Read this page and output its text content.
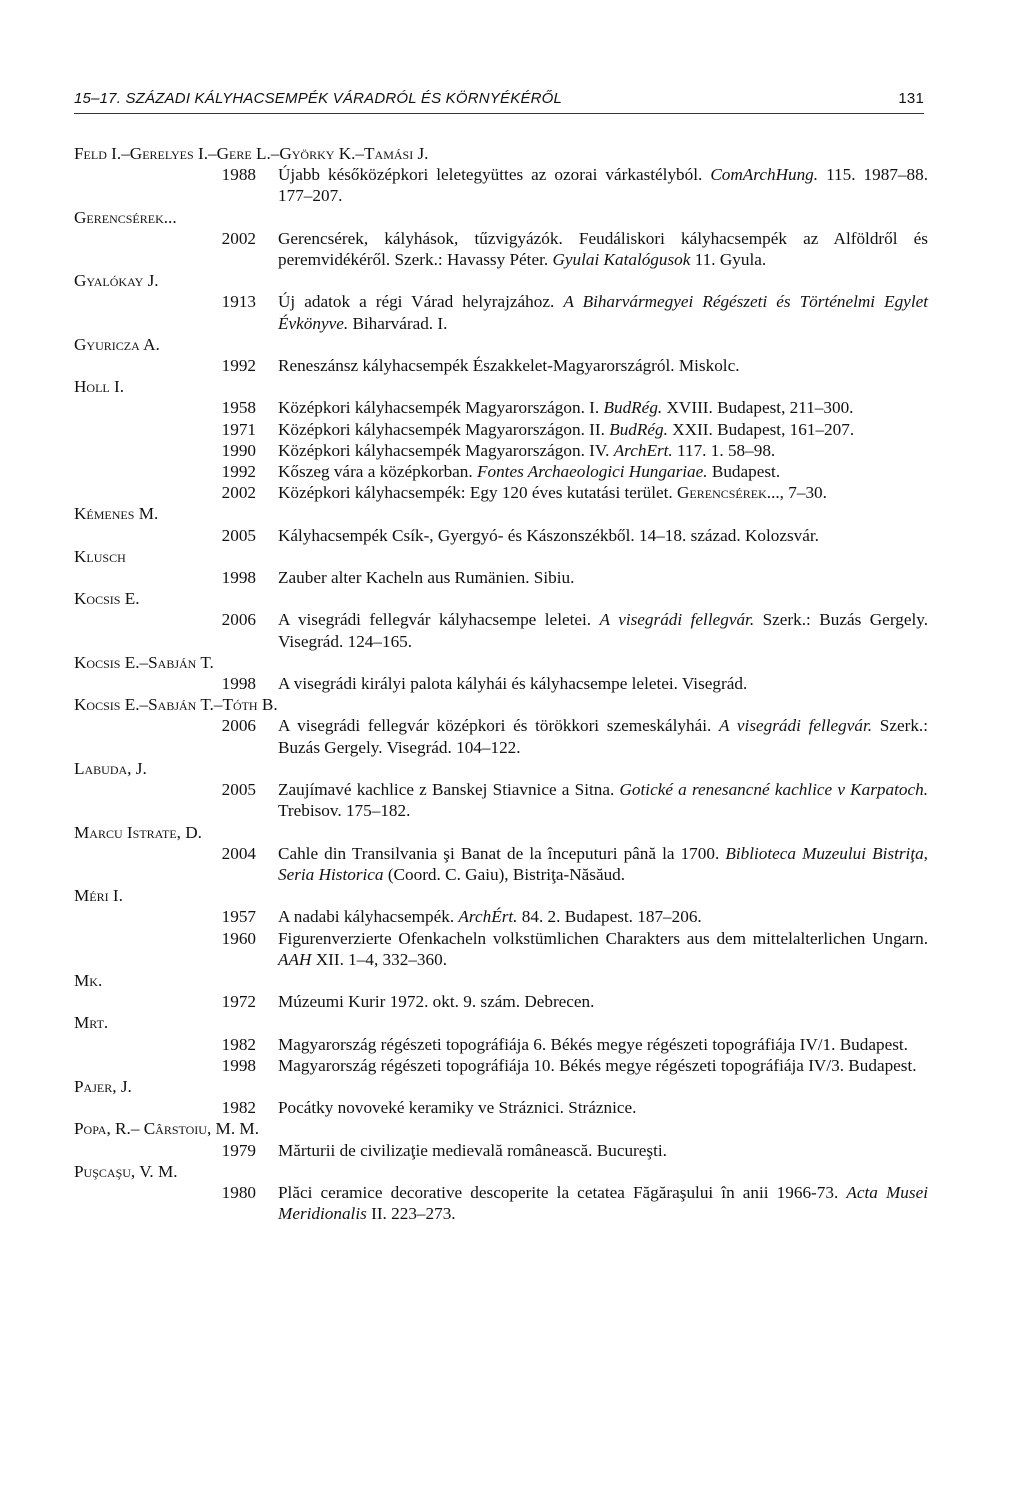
15–17. SZÁZADI KÁLYHACSEMPÉK VÁRADRÓL ÉS KÖRNYÉKÉRŐL	131
Feld I.–Gerelyes I.–Gere L.–Györky K.–Tamási J.
1988 Újabb későközépkori leletegyüttes az ozorai várkastélyból. ComArchHung. 115. 1987–88. 177–207.
Gerencsérek...
2002 Gerencsérek, kályhások, tűzvigyázók. Feudáliskori kályhacsempék az Alföldről és peremvidékéről. Szerk.: Havassy Péter. Gyulai Katalógusok 11. Gyula.
Gyalókay J.
1913 Új adatok a régi Várad helyrajzához. A Biharvármegyei Régészeti és Történelmi Egylet Évkönyve. Biharvárad. I.
Gyuricza A.
1992 Reneszánsz kályhacsempék Északkelet-Magyarországról. Miskolc.
Holl I.
1958 Középkori kályhacsempék Magyarországon. I. BudRég. XVIII. Budapest, 211–300.
1971 Középkori kályhacsempék Magyarországon. II. BudRég. XXII. Budapest, 161–207.
1990 Középkori kályhacsempék Magyarországon. IV. ArchErt. 117. 1. 58–98.
1992 Kőszeg vára a középkorban. Fontes Archaeologici Hungariae. Budapest.
2002 Középkori kályhacsempék: Egy 120 éves kutatási terület. Gerencsérek..., 7–30.
Kémenes M.
2005 Kályhacsempék Csík-, Gyergyó- és Kászonszékből. 14–18. század. Kolozsvár.
Klusch
1998 Zauber alter Kacheln aus Rumänien. Sibiu.
Kocsis E.
2006 A visegrádi fellegvár kályhacsempe leletei. A visegrádi fellegvár. Szerk.: Buzás Gergely. Visegrád. 124–165.
Kocsis E.–Sabján T.
1998 A visegrádi királyi palota kályhái és kályhacsempe leletei. Visegrád.
Kocsis E.–Sabján T.–Tóth B.
2006 A visegrádi fellegvár középkori és törökkori szemeskályhái. A visegrádi fellegvár. Szerk.: Buzás Gergely. Visegrád. 104–122.
Labuda, J.
2005 Zaujímavé kachlice z Banskej Stiavnice a Sitna. Gotické a renesancné kachlice v Karpatoch. Trebisov. 175–182.
Marcu Istrate, D.
2004 Cahle din Transilvania şi Banat de la începuturi până la 1700. Biblioteca Muzeului Bistriţa, Seria Historica (Coord. C. Gaiu), Bistriţa-Năsăud.
Méri I.
1957 A nadabi kályhacsempék. ArchÉrt. 84. 2. Budapest. 187–206.
1960 Figurenverzierte Ofenkacheln volkstümlichen Charakters aus dem mittelalterlichen Ungarn. AAH XII. 1–4, 332–360.
Mk.
1972 Múzeumi Kurir 1972. okt. 9. szám. Debrecen.
Mrt.
1982 Magyarország régészeti topográfiája 6. Békés megye régészeti topográfiája IV/1. Budapest.
1998 Magyarország régészeti topográfiája 10. Békés megye régészeti topográfiája IV/3. Budapest.
Pajer, J.
1982 Pocátky novoveké keramiky ve Stráznici. Stráznice.
Popa, R.– Cârstoiu, M. M.
1979 Mărturii de civilizaţie medievală românească. Bucureşti.
Puşcaşu, V. M.
1980 Plăci ceramice decorative descoperite la cetatea Făgăraşului în anii 1966-73. Acta Musei Meridionalis II. 223–273.
